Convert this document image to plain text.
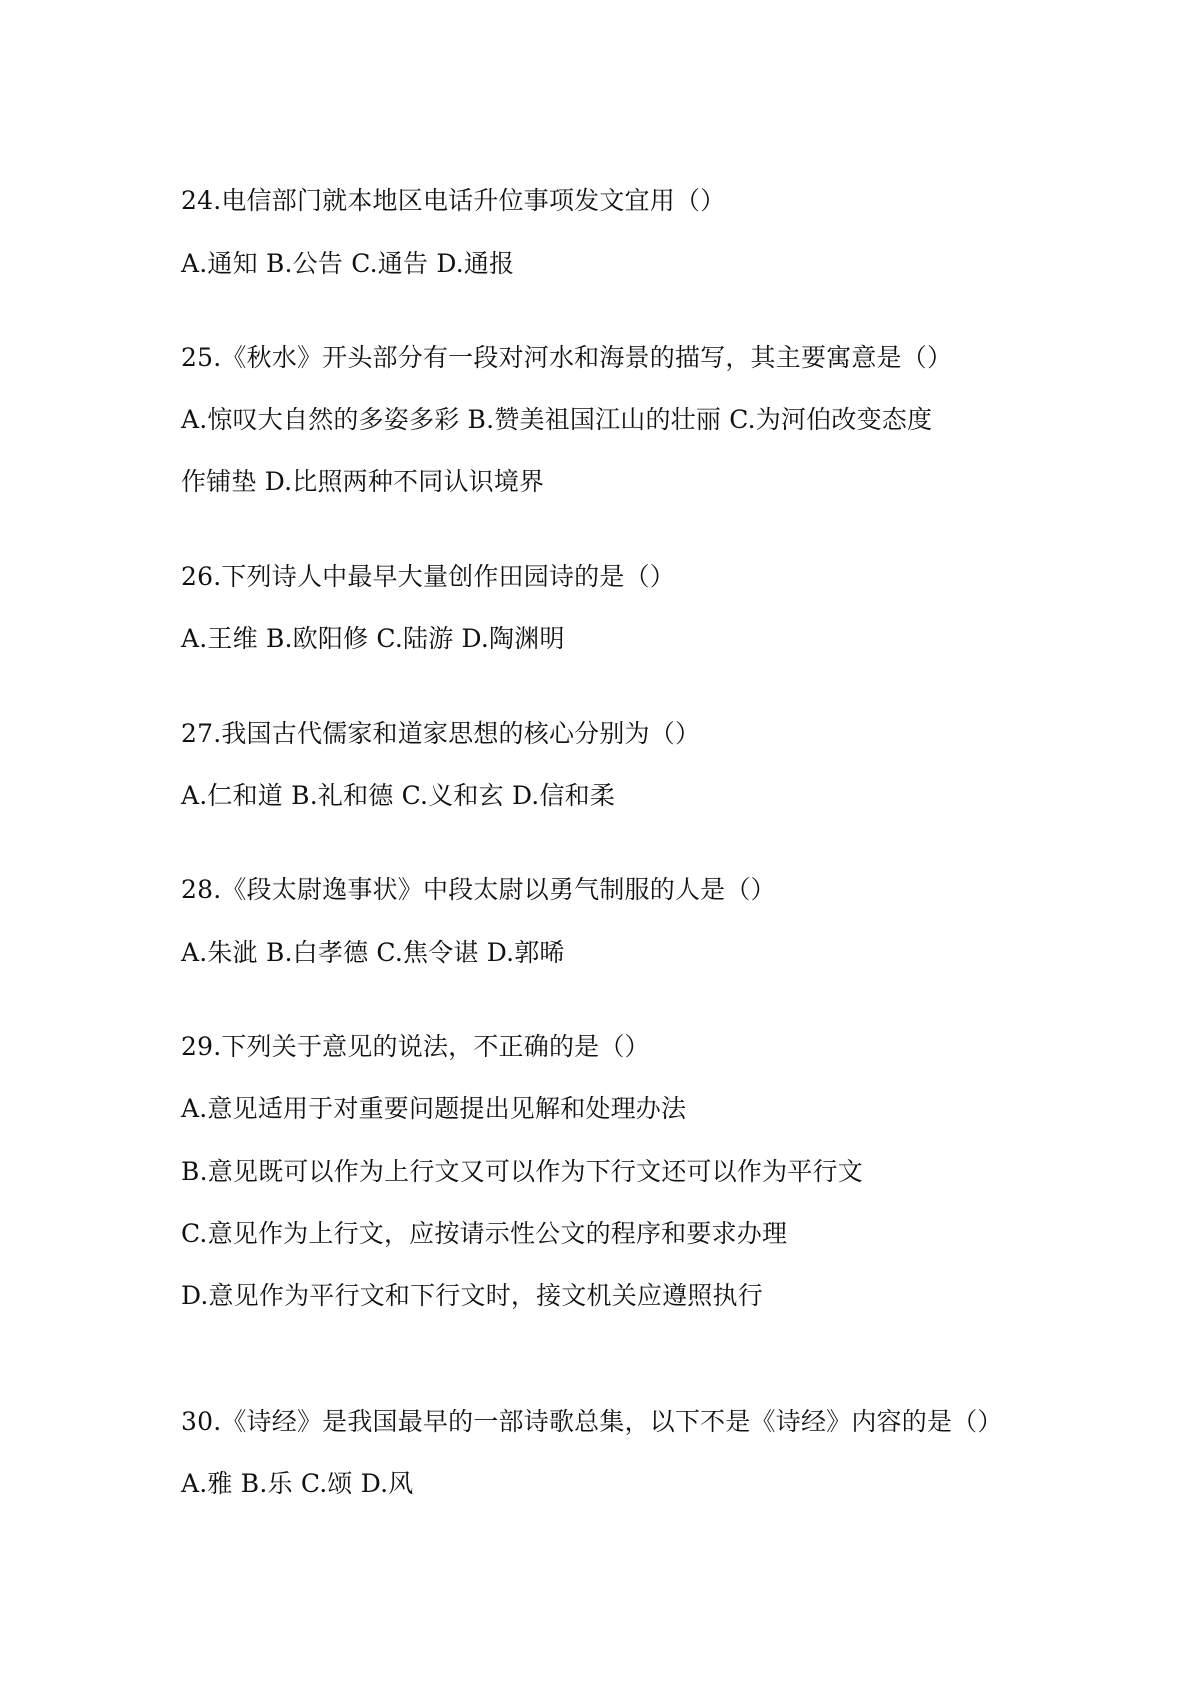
24.电信部门就本地区电话升位事项发文宜用（）
A.通知 B.公告 C.通告 D.通报
25.《秋水》开头部分有一段对河水和海景的描写，其主要寓意是（）
A.惊叹大自然的多姿多彩 B.赞美祖国江山的壮丽 C.为河伯改变态度
作铺垫 D.比照两种不同认识境界
26.下列诗人中最早大量创作田园诗的是（）
A.王维 B.欧阳修 C.陆游 D.陶渊明
27.我国古代儒家和道家思想的核心分别为（）
A.仁和道 B.礼和德 C.义和玄 D.信和柔
28.《段太尉逸事状》中段太尉以勇气制服的人是（）
A.朱泚 B.白孝德 C.焦令谌 D.郭晞
29.下列关于意见的说法，不正确的是（）
A.意见适用于对重要问题提出见解和处理办法
B.意见既可以作为上行文又可以作为下行文还可以作为平行文
C.意见作为上行文，应按请示性公文的程序和要求办理
D.意见作为平行文和下行文时，接文机关应遵照执行
30.《诗经》是我国最早的一部诗歌总集，以下不是《诗经》内容的是（）
A.雅 B.乐 C.颂 D.风
